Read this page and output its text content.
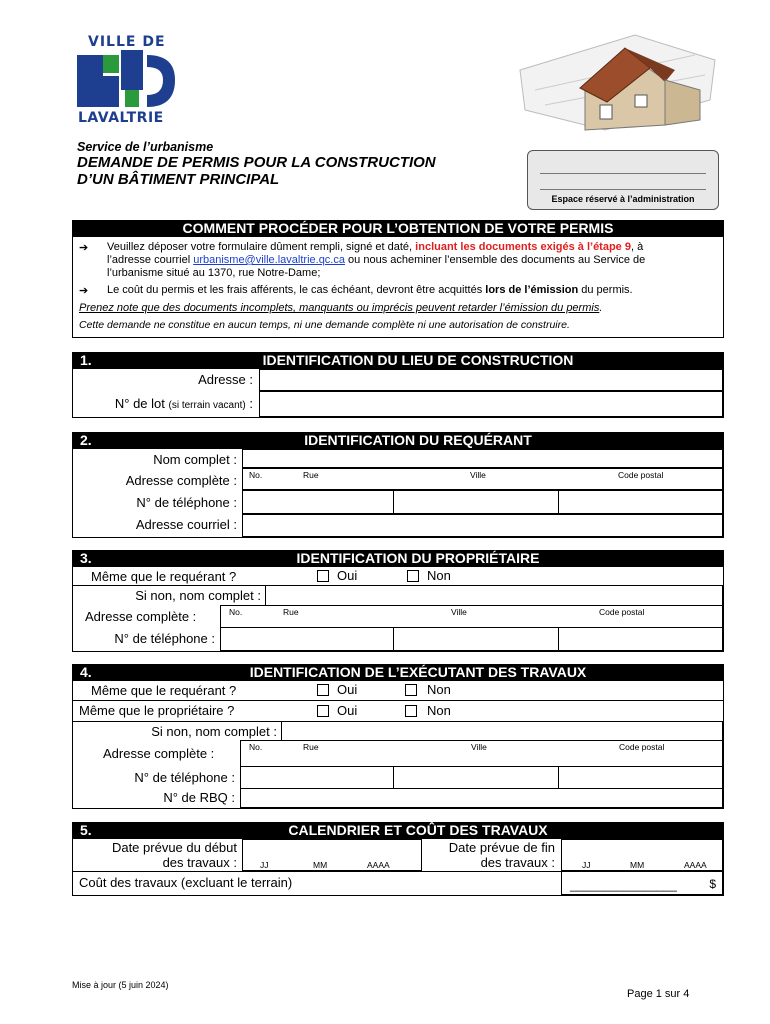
VILLE DE
LAVALTRIE
Service de l’urbanisme
DEMANDE DE PERMIS POUR LA CONSTRUCTION
D’UN BÂTIMENT PRINCIPAL
Espace réservé à l’administration
COMMENT PROCÉDER POUR L’OBTENTION DE VOTRE PERMIS
➔ Veuillez déposer votre formulaire dûment rempli, signé et daté, incluant les documents exigés à l’étape 9, à
l’adresse courriel urbanisme@ville.lavaltrie.qc.ca ou nous acheminer l’ensemble des documents au Service de
l’urbanisme situé au 1370, rue Notre-Dame;
➔ Le coût du permis et les frais afférents, le cas échéant, devront être acquittés lors de l’émission du permis.
Prenez note que des documents incomplets, manquants ou imprécis peuvent retarder l’émission du permis.
Cette demande ne constitue en aucun temps, ni une demande complète ni une autorisation de construire.
1.	IDENTIFICATION DU LIEU DE CONSTRUCTION
Adresse :
N° de lot (si terrain vacant) :
2.	IDENTIFICATION DU REQUÉRANT
Nom complet :
Adresse complète : No.	Rue	Ville	Code postal
N° de téléphone :
Adresse courriel :
3.	IDENTIFICATION DU PROPRIÉTAIRE
Même que le requérant ?	Oui	Non
Si non, nom complet :
Adresse complète :	No.	Rue	Ville	Code postal
N° de téléphone :
4.	IDENTIFICATION DE L’EXÉCUTANT DES TRAVAUX
Même que le requérant ?	Oui	Non
Même que le propriétaire ?	Oui	Non
Si non, nom complet :
Adresse complète :	No.	Rue	Ville	Code postal
N° de téléphone :
N° de RBQ :
5.	CALENDRIER ET COÛT DES TRAVAUX
Date prévue du début
des travaux :	JJ	MM	AAAA
Date prévue de fin
des travaux :	JJ	MM	AAAA
Coût des travaux (excluant le terrain)	________________	$
Mise à jour (5 juin 2024)
Page 1 sur 4
